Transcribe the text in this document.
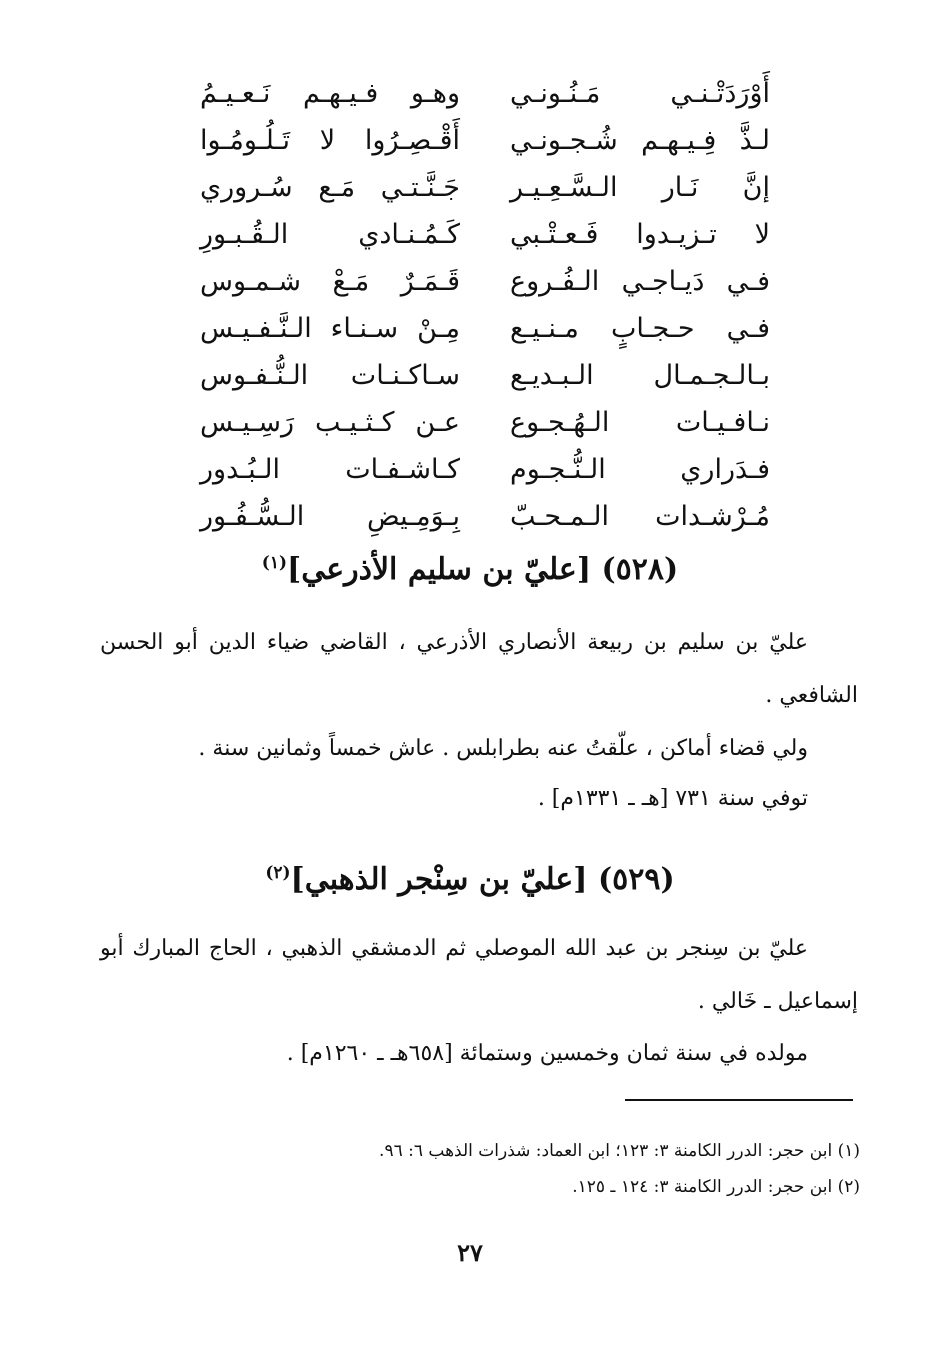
أَوْرَدَتْـنـي مَـنُـونـي
وهـو فـيـهـم نَـعـيـمُ
لـذَّ فِـيـهـم شُـجـونـي
أَقْـصِـرُوا لا تَـلُـومُـوا
إنَّ نَـار الـسَّـعِـيـر
جَـنَّـتـي مَـع سُـروري
لا تـزيـدوا فَـعـتْـبي
كَـمُـنـادي الـقُـبـورِ
فـي دَيـاجـي الـفُـروع
قَـمَـرٌ مَـعْ شـمـوس
فـي حـجـابٍ مـنـيـع
مِـنْ سـنـاء الـنَّـفـيـس
بـالـجـمـال الـبـديـع
سـاكـنـات الـنُّـفـوس
نـافـيـات الـهُـجـوع
عـن كـثـيـب رَسِـيـس
فـدَراري الـنُّـجـوم
كـاشـفـات الـبُـدور
مُـرْشـدات الـمـحـبّ
بِـوَمِـيضِ الـسُّـفُـور
(٥٢٨) [عليّ بن سليم الأذرعي]$^{(١)}$
عليّ بن سليم بن ربيعة الأنصاري الأذرعي ، القاضي ضياء الدين أبو الحسن الشافعي .
ولي قضاء أماكن ، علّقتُ عنه بطرابلس . عاش خمساً وثمانين سنة .
توفي سنة ٧٣١ [هـ ـ ١٣٣١م] .
(٥٢٩) [عليّ بن سِنْجر الذهبي]$^{(٢)}$
عليّ بن سِنجر بن عبد الله الموصلي ثم الدمشقي الذهبي ، الحاج المبارك أبو إسماعيل ـ خَالي .
مولده في سنة ثمان وخمسين وستمائة [٦٥٨هـ ـ ١٢٦٠م] .

(١) ابن حجر: الدرر الكامنة ٣: ١٢٣؛ ابن العماد: شذرات الذهب ٦: ٩٦.

(٢) ابن حجر: الدرر الكامنة ٣: ١٢٤ ـ ١٢٥.

٢٧
